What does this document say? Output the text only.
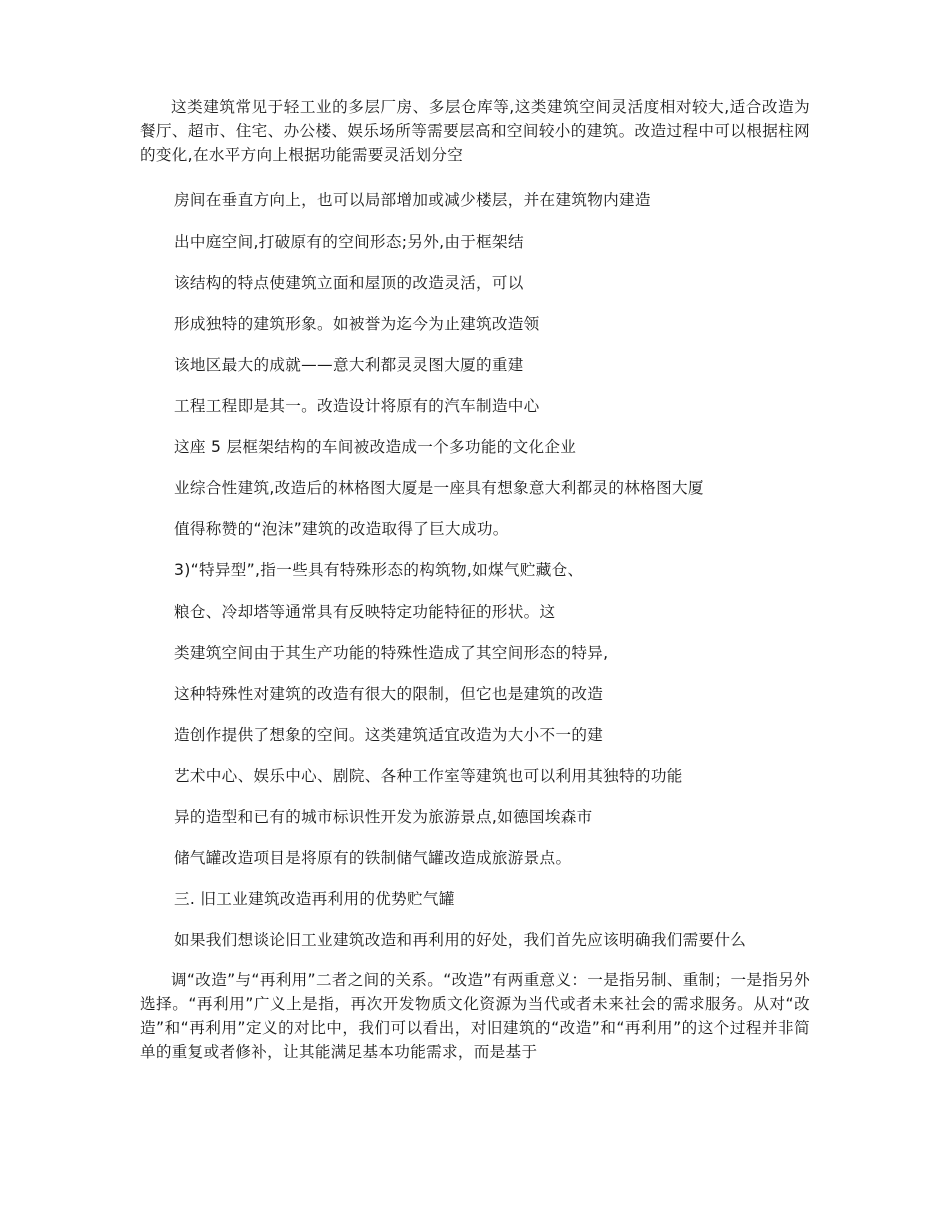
这类建筑常见于轻工业的多层厂房、多层仓库等,这类建筑空间灵活度相对较大,适合改造为餐厅、超市、住宅、办公楼、娱乐场所等需要层高和空间较小的建筑。改造过程中可以根据柱网的变化,在水平方向上根据功能需要灵活划分空

房间在垂直方向上，也可以局部增加或减少楼层，并在建筑物内建造

出中庭空间,打破原有的空间形态;另外,由于框架结

该结构的特点使建筑立面和屋顶的改造灵活，可以

形成独特的建筑形象。如被誉为迄今为止建筑改造领

该地区最大的成就——意大利都灵灵图大厦的重建

工程工程即是其一。改造设计将原有的汽车制造中心

这座 5 层框架结构的车间被改造成一个多功能的文化企业

业综合性建筑,改造后的林格图大厦是一座具有想象意大利都灵的林格图大厦

值得称赞的“泡沫”建筑的改造取得了巨大成功。

3)“特异型”,指一些具有特殊形态的构筑物,如煤气贮藏仓、

粮仓、冷却塔等通常具有反映特定功能特征的形状。这

类建筑空间由于其生产功能的特殊性造成了其空间形态的特异,

这种特殊性对建筑的改造有很大的限制，但它也是建筑的改造

造创作提供了想象的空间。这类建筑适宜改造为大小不一的建

艺术中心、娱乐中心、剧院、各种工作室等建筑也可以利用其独特的功能

异的造型和已有的城市标识性开发为旅游景点,如德国埃森市

储气罐改造项目是将原有的铁制储气罐改造成旅游景点。

三. 旧工业建筑改造再利用的优势贮气罐

如果我们想谈论旧工业建筑改造和再利用的好处，我们首先应该明确我们需要什么

调“改造”与“再利用”二者之间的关系。“改造”有两重意义：一是指另制、重制；一是指另外选择。“再利用”广义上是指，再次开发物质文化资源为当代或者未来社会的需求服务。从对“改造”和“再利用”定义的对比中，我们可以看出，对旧建筑的“改造”和“再利用”的这个过程并非简单的重复或者修补，让其能满足基本功能需求，而是基于
